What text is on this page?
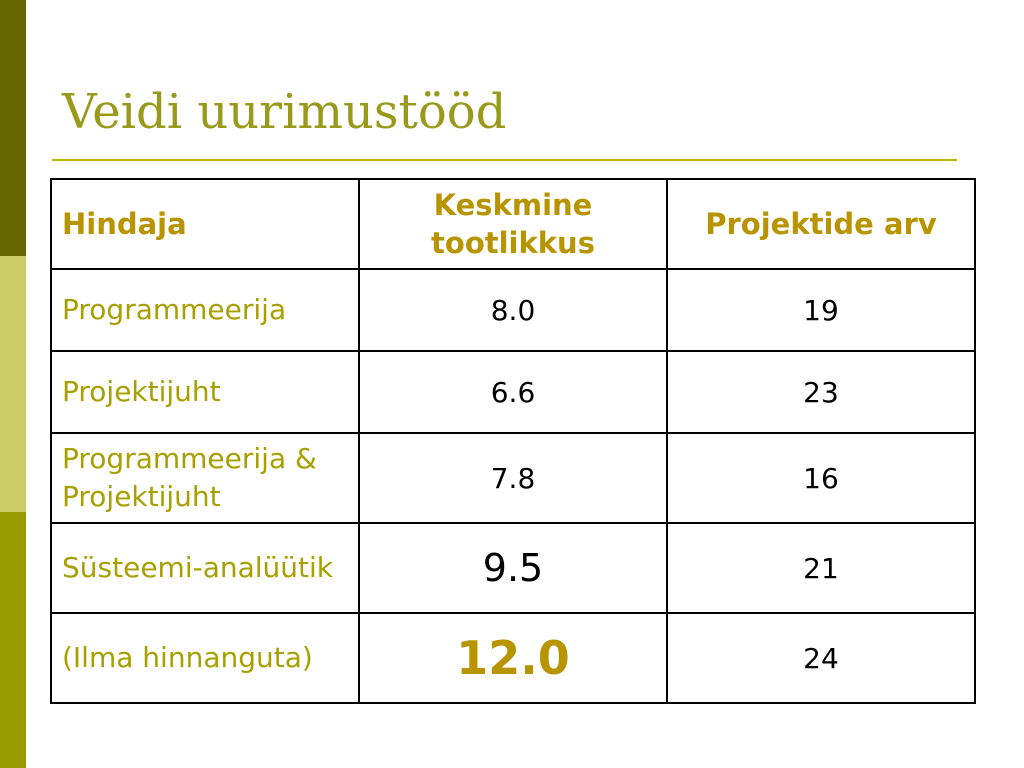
Veidi uurimustööd
Hindaja	Keskmine tootlikkus	Projektide arv
Programmeerija	8.0	19
Projektijuht	6.6	23
Programmeerija & Projektijuht	7.8	16
Süsteemi-analüütik	9.5	21
(Ilma hinnanguta)	12.0	24
